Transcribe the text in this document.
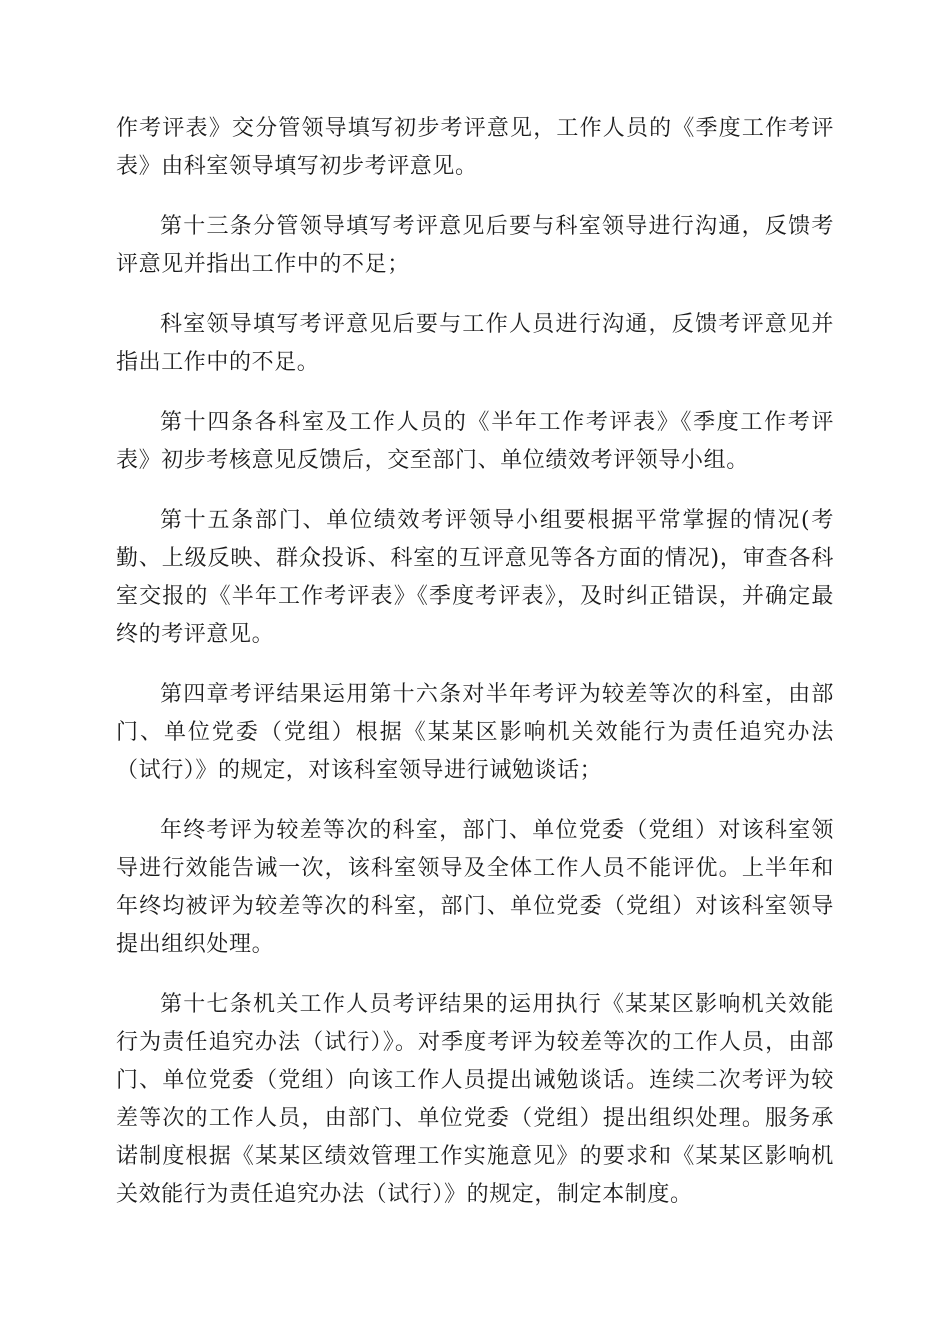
作考评表》交分管领导填写初步考评意见，工作人员的《季度工作考评表》由科室领导填写初步考评意见。

第十三条分管领导填写考评意见后要与科室领导进行沟通，反馈考评意见并指出工作中的不足；

科室领导填写考评意见后要与工作人员进行沟通，反馈考评意见并指出工作中的不足。

第十四条各科室及工作人员的《半年工作考评表》《季度工作考评表》初步考核意见反馈后，交至部门、单位绩效考评领导小组。

第十五条部门、单位绩效考评领导小组要根据平常掌握的情况(考勤、上级反映、群众投诉、科室的互评意见等各方面的情况)，审查各科室交报的《半年工作考评表》《季度考评表》，及时纠正错误，并确定最终的考评意见。

第四章考评结果运用第十六条对半年考评为较差等次的科室，由部门、单位党委（党组）根据《某某区影响机关效能行为责任追究办法（试行）》的规定，对该科室领导进行诫勉谈话；

年终考评为较差等次的科室，部门、单位党委（党组）对该科室领导进行效能告诫一次，该科室领导及全体工作人员不能评优。上半年和年终均被评为较差等次的科室，部门、单位党委（党组）对该科室领导提出组织处理。

第十七条机关工作人员考评结果的运用执行《某某区影响机关效能行为责任追究办法（试行）》。对季度考评为较差等次的工作人员，由部门、单位党委（党组）向该工作人员提出诫勉谈话。连续二次考评为较差等次的工作人员，由部门、单位党委（党组）提出组织处理。服务承诺制度根据《某某区绩效管理工作实施意见》的要求和《某某区影响机关效能行为责任追究办法（试行）》的规定，制定本制度。
